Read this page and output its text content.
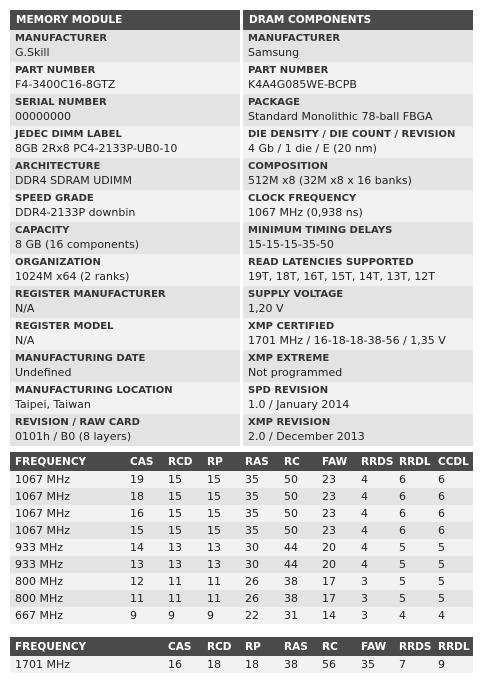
MEMORY MODULE	DRAM COMPONENTS
MANUFACTURER
G.Skill
MANUFACTURER
Samsung
PART NUMBER
F4-3400C16-8GTZ
PART NUMBER
K4A4G085WE-BCPB
SERIAL NUMBER
00000000
PACKAGE
Standard Monolithic 78-ball FBGA
JEDEC DIMM LABEL
8GB 2Rx8 PC4-2133P-UB0-10
DIE DENSITY / DIE COUNT / REVISION
4 Gb / 1 die / E (20 nm)
ARCHITECTURE
DDR4 SDRAM UDIMM
COMPOSITION
512M x8 (32M x8 x 16 banks)
SPEED GRADE
DDR4-2133P downbin
CLOCK FREQUENCY
1067 MHz (0,938 ns)
CAPACITY
8 GB (16 components)
MINIMUM TIMING DELAYS
15-15-15-35-50
ORGANIZATION
1024M x64 (2 ranks)
READ LATENCIES SUPPORTED
19T, 18T, 16T, 15T, 14T, 13T, 12T
REGISTER MANUFACTURER
N/A
SUPPLY VOLTAGE
1,20 V
REGISTER MODEL
N/A
XMP CERTIFIED
1701 MHz / 16-18-18-38-56 / 1,35 V
MANUFACTURING DATE
Undefined
XMP EXTREME
Not programmed
MANUFACTURING LOCATION
Taipei, Taiwan
SPD REVISION
1.0 / January 2014
REVISION / RAW CARD
0101h / B0 (8 layers)
XMP REVISION
2.0 / December 2013
FREQUENCY	CAS	RCD	RP	RAS	RC	FAW	RRDS	RRDL	CCDL
1067 MHz	19	15	15	35	50	23	4	6	6
1067 MHz	18	15	15	35	50	23	4	6	6
1067 MHz	16	15	15	35	50	23	4	6	6
1067 MHz	15	15	15	35	50	23	4	6	6
933 MHz	14	13	13	30	44	20	4	5	5
933 MHz	13	13	13	30	44	20	4	5	5
800 MHz	12	11	11	26	38	17	3	5	5
800 MHz	11	11	11	26	38	17	3	5	5
667 MHz	9	9	9	22	31	14	3	4	4
FREQUENCY		CAS	RCD	RP	RAS	RC	FAW	RRDS	RRDL
1701 MHz		16	18	18	38	56	35	7	9
